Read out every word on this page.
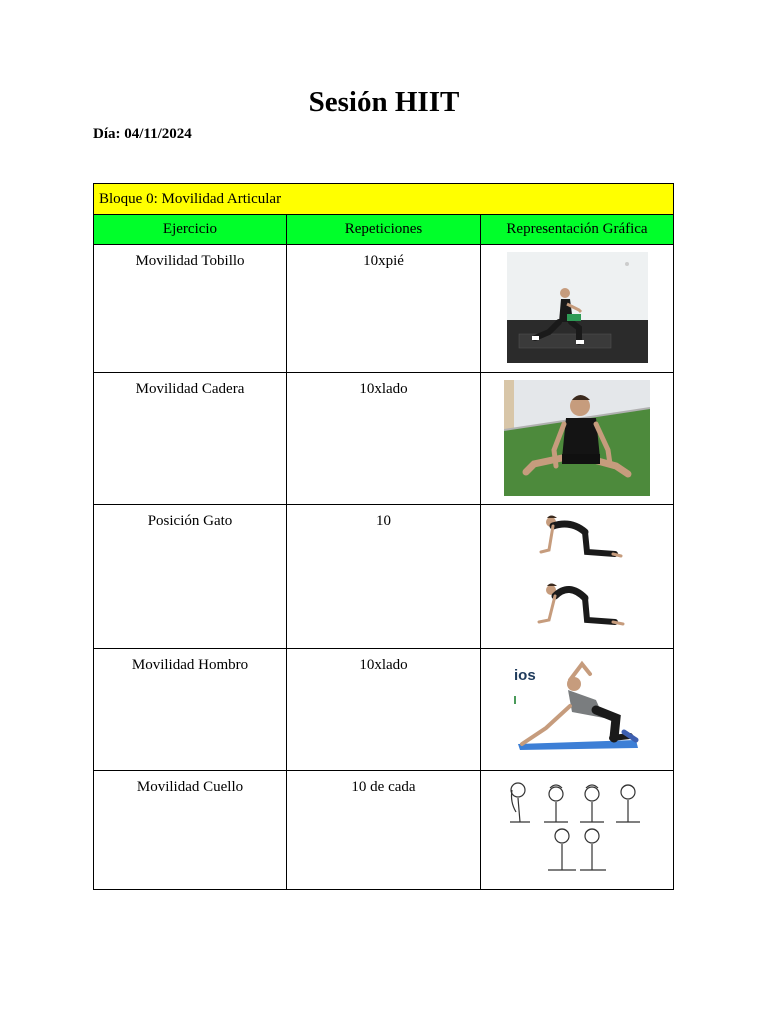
Sesión HIIT
Día: 04/11/2024
Bloque 0: Movilidad Articular		
Ejercicio	Repeticiones	Representación Gráfica
Movilidad Tobillo	10xpié	

Movilidad Cadera	10xlado	

Posición Gato	10	

Movilidad Hombro	10xlado	ios

Movilidad Cuello	10 de cada	
